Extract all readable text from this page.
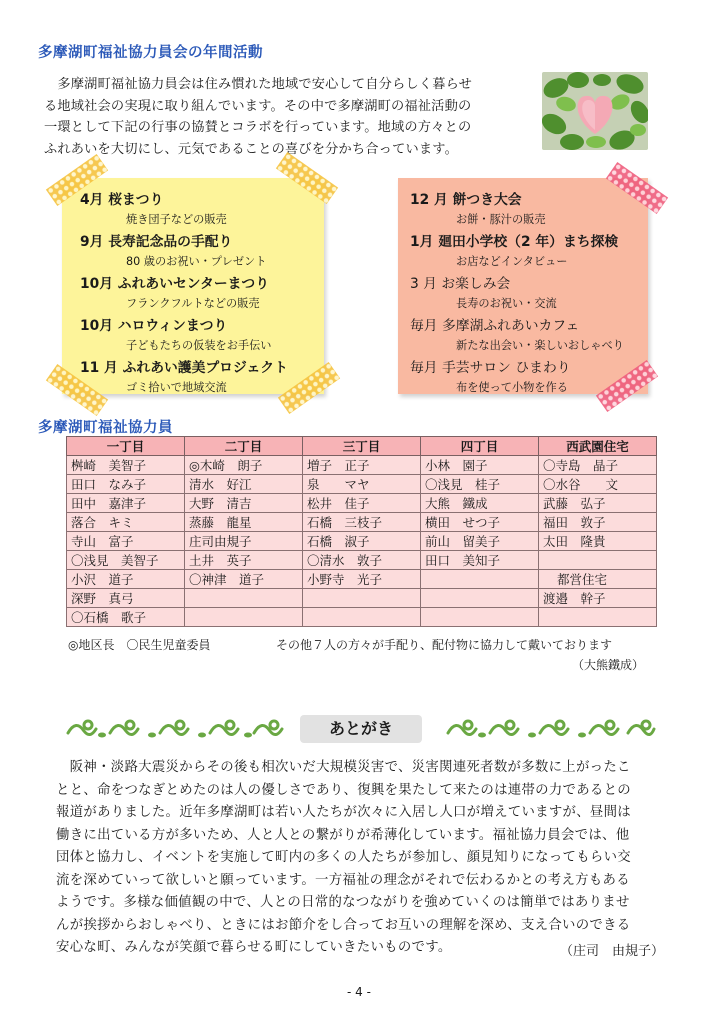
多摩湖町福祉協力員会の年間活動

　多摩湖町福祉協力員会は住み慣れた地域で安心して自分らしく暮らせ

る地域社会の実現に取り組んでいます。その中で多摩湖町の福祉活動の

一環として下記の行事の協賛とコラボを行っています。地域の方々との

ふれあいを大切にし、元気であることの喜びを分かち合っています。

4月 桜まつり
焼き団子などの販売
9月 長寿記念品の手配り
80 歳のお祝い・プレゼント
10月 ふれあいセンターまつり
フランクフルトなどの販売
10月 ハロウィンまつり
子どもたちの仮装をお手伝い
11 月 ふれあい護美プロジェクト
ゴミ拾いで地域交流
12 月 餅つき大会
お餅・豚汁の販売
1月 廻田小学校（2 年）まち探検
お店などインタビュー
3 月 お楽しみ会
長寿のお祝い・交流
毎月 多摩湖ふれあいカフェ
新たな出会い・楽しいおしゃべり
毎月 手芸サロン ひまわり
布を使って小物を作る
多摩湖町福祉協力員
一丁目	二丁目	三丁目	四丁目	西武園住宅
桝崎　美智子	◎木崎　朗子	増子　正子	小林　園子	〇寺島　晶子
田口　なみ子	清水　好江	泉　　マヤ	〇浅見　桂子	〇水谷　　文
田中　嘉津子	大野　清吉	松井　佳子	大熊　鐵成	武藤　弘子
落合　キミ	蒸藤　龍星	石橋　三枝子	横田　せつ子	福田　敦子
寺山　富子	庄司由規子	石橋　淑子	前山　留美子	太田　隆貴
〇浅見　美智子	土井　英子	〇清水　敦子	田口　美知子	
小沢　道子	〇神津　道子	小野寺　光子		都営住宅
深野　真弓				渡邉　幹子
〇石橋　歌子				
◎地区長　〇民生児童委員	その他７人の方々が手配り、配付物に協力して戴いております
（大熊鐵成）
あとがき

　阪神・淡路大震災からその後も相次いだ大規模災害で、災害関連死者数が多数に上がったこ

とと、命をつなぎとめたのは人の優しさであり、復興を果たして来たのは連帯の力であるとの

報道がありました。近年多摩湖町は若い人たちが次々に入居し人口が増えていますが、昼間は

働きに出ている方が多いため、人と人との繋がりが希薄化しています。福祉協力員会では、他

団体と協力し、イベントを実施して町内の多くの人たちが参加し、顔見知りになってもらい交

流を深めていって欲しいと願っています。一方福祉の理念がそれで伝わるかとの考え方もある

ようです。多様な価値観の中で、人との日常的なつながりを強めていくのは簡単ではありませ

んが挨拶からおしゃべり、ときにはお節介をし合ってお互いの理解を深め、支え合いのできる

安心な町、みんなが笑顔で暮らせる町にしていきたいものです。	（庄司　由規子）
- 4 -
